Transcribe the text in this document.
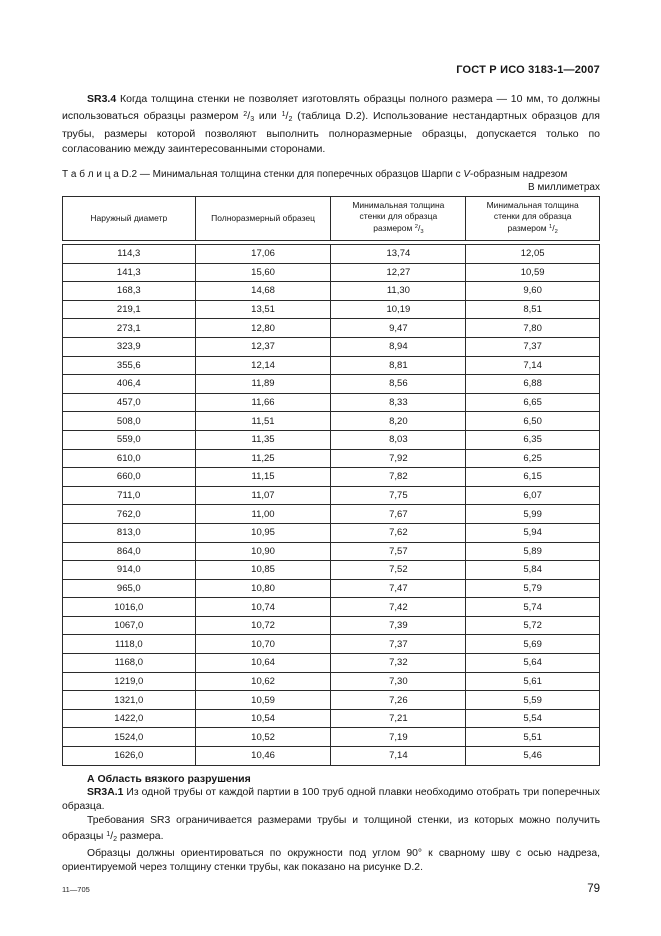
ГОСТ Р ИСО 3183-1—2007

SR3.4 Когда толщина стенки не позволяет изготовлять образцы полного размера — 10 мм, то должны использоваться образцы размером $^2/_3$ или $^1/_2$ (таблица D.2). Использование нестандартных образцов для трубы, размеры которой позволяют выполнить полноразмерные образцы, допускается только по согласованию между заинтересованными сторонами.

Т а б л и ц а D.2 — Минимальная толщина стенки для поперечных образцов Шарпи с V-образным надрезом

В миллиметрах
Наружный диаметр	Полноразмерный образец	Минимальная толщина стенки для образца размером $^2/_3$	Минимальная толщина стенки для образца размером $^1/_2$
114,3	17,06	13,74	12,05
141,3	15,60	12,27	10,59
168,3	14,68	11,30	9,60
219,1	13,51	10,19	8,51
273,1	12,80	9,47	7,80
323,9	12,37	8,94	7,37
355,6	12,14	8,81	7,14
406,4	11,89	8,56	6,88
457,0	11,66	8,33	6,65
508,0	11,51	8,20	6,50
559,0	11,35	8,03	6,35
610,0	11,25	7,92	6,25
660,0	11,15	7,82	6,15
711,0	11,07	7,75	6,07
762,0	11,00	7,67	5,99
813,0	10,95	7,62	5,94
864,0	10,90	7,57	5,89
914,0	10,85	7,52	5,84
965,0	10,80	7,47	5,79
1016,0	10,74	7,42	5,74
1067,0	10,72	7,39	5,72
1118,0	10,70	7,37	5,69
1168,0	10,64	7,32	5,64
1219,0	10,62	7,30	5,61
1321,0	10,59	7,26	5,59
1422,0	10,54	7,21	5,54
1524,0	10,52	7,19	5,51
1626,0	10,46	7,14	5,46

А Область вязкого разрушения

SR3A.1 Из одной трубы от каждой партии в 100 труб одной плавки необходимо отобрать три поперечных образца.

Требования SR3 ограничивается размерами трубы и толщиной стенки, из которых можно получить образцы $^1/_2$ размера.

Образцы должны ориентироваться по окружности под углом 90° к сварному шву с осью надреза, ориентируемой через толщину стенки трубы, как показано на рисунке D.2.

11—705	79
